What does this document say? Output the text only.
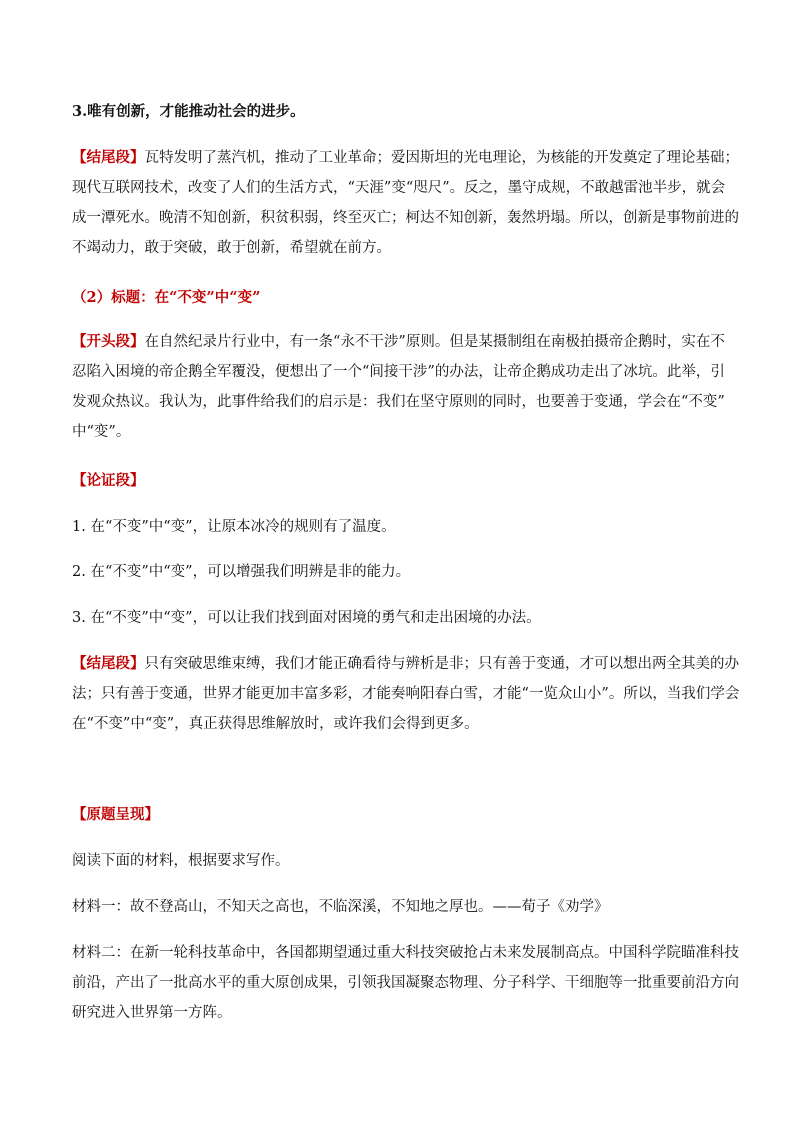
3.唯有创新，才能推动社会的进步。

【结尾段】瓦特发明了蒸汽机，推动了工业革命；爱因斯坦的光电理论，为核能的开发奠定了理论基础；
现代互联网技术，改变了人们的生活方式，“天涯”变“咫尺”。反之，墨守成规，不敢越雷池半步，就会
成一潭死水。晚清不知创新，积贫积弱，终至灭亡；柯达不知创新，轰然坍塌。所以，创新是事物前进的
不竭动力，敢于突破，敢于创新，希望就在前方。

（2）标题：在“不变”中“变”

【开头段】在自然纪录片行业中，有一条“永不干涉”原则。但是某摄制组在南极拍摄帝企鹅时，实在不
忍陷入困境的帝企鹅全军覆没，便想出了一个“间接干涉”的办法，让帝企鹅成功走出了冰坑。此举，引
发观众热议。我认为，此事件给我们的启示是：我们在坚守原则的同时，也要善于变通，学会在“不变”
中“变”。

【论证段】

1. 在“不变”中“变”，让原本冰冷的规则有了温度。

2. 在“不变”中“变”，可以增强我们明辨是非的能力。

3. 在“不变”中“变”，可以让我们找到面对困境的勇气和走出困境的办法。

【结尾段】只有突破思维束缚，我们才能正确看待与辨析是非；只有善于变通，才可以想出两全其美的办
法；只有善于变通，世界才能更加丰富多彩，才能奏响阳春白雪，才能“一览众山小”。所以，当我们学会
在“不变”中“变”，真正获得思维解放时，或许我们会得到更多。

【原题呈现】

阅读下面的材料，根据要求写作。

材料一：故不登高山，不知天之高也，不临深溪，不知地之厚也。——荀子《劝学》

材料二：在新一轮科技革命中，各国都期望通过重大科技突破抢占未来发展制高点。中国科学院瞄准科技
前沿，产出了一批高水平的重大原创成果，引领我国凝聚态物理、分子科学、干细胞等一批重要前沿方向
研究进入世界第一方阵。
